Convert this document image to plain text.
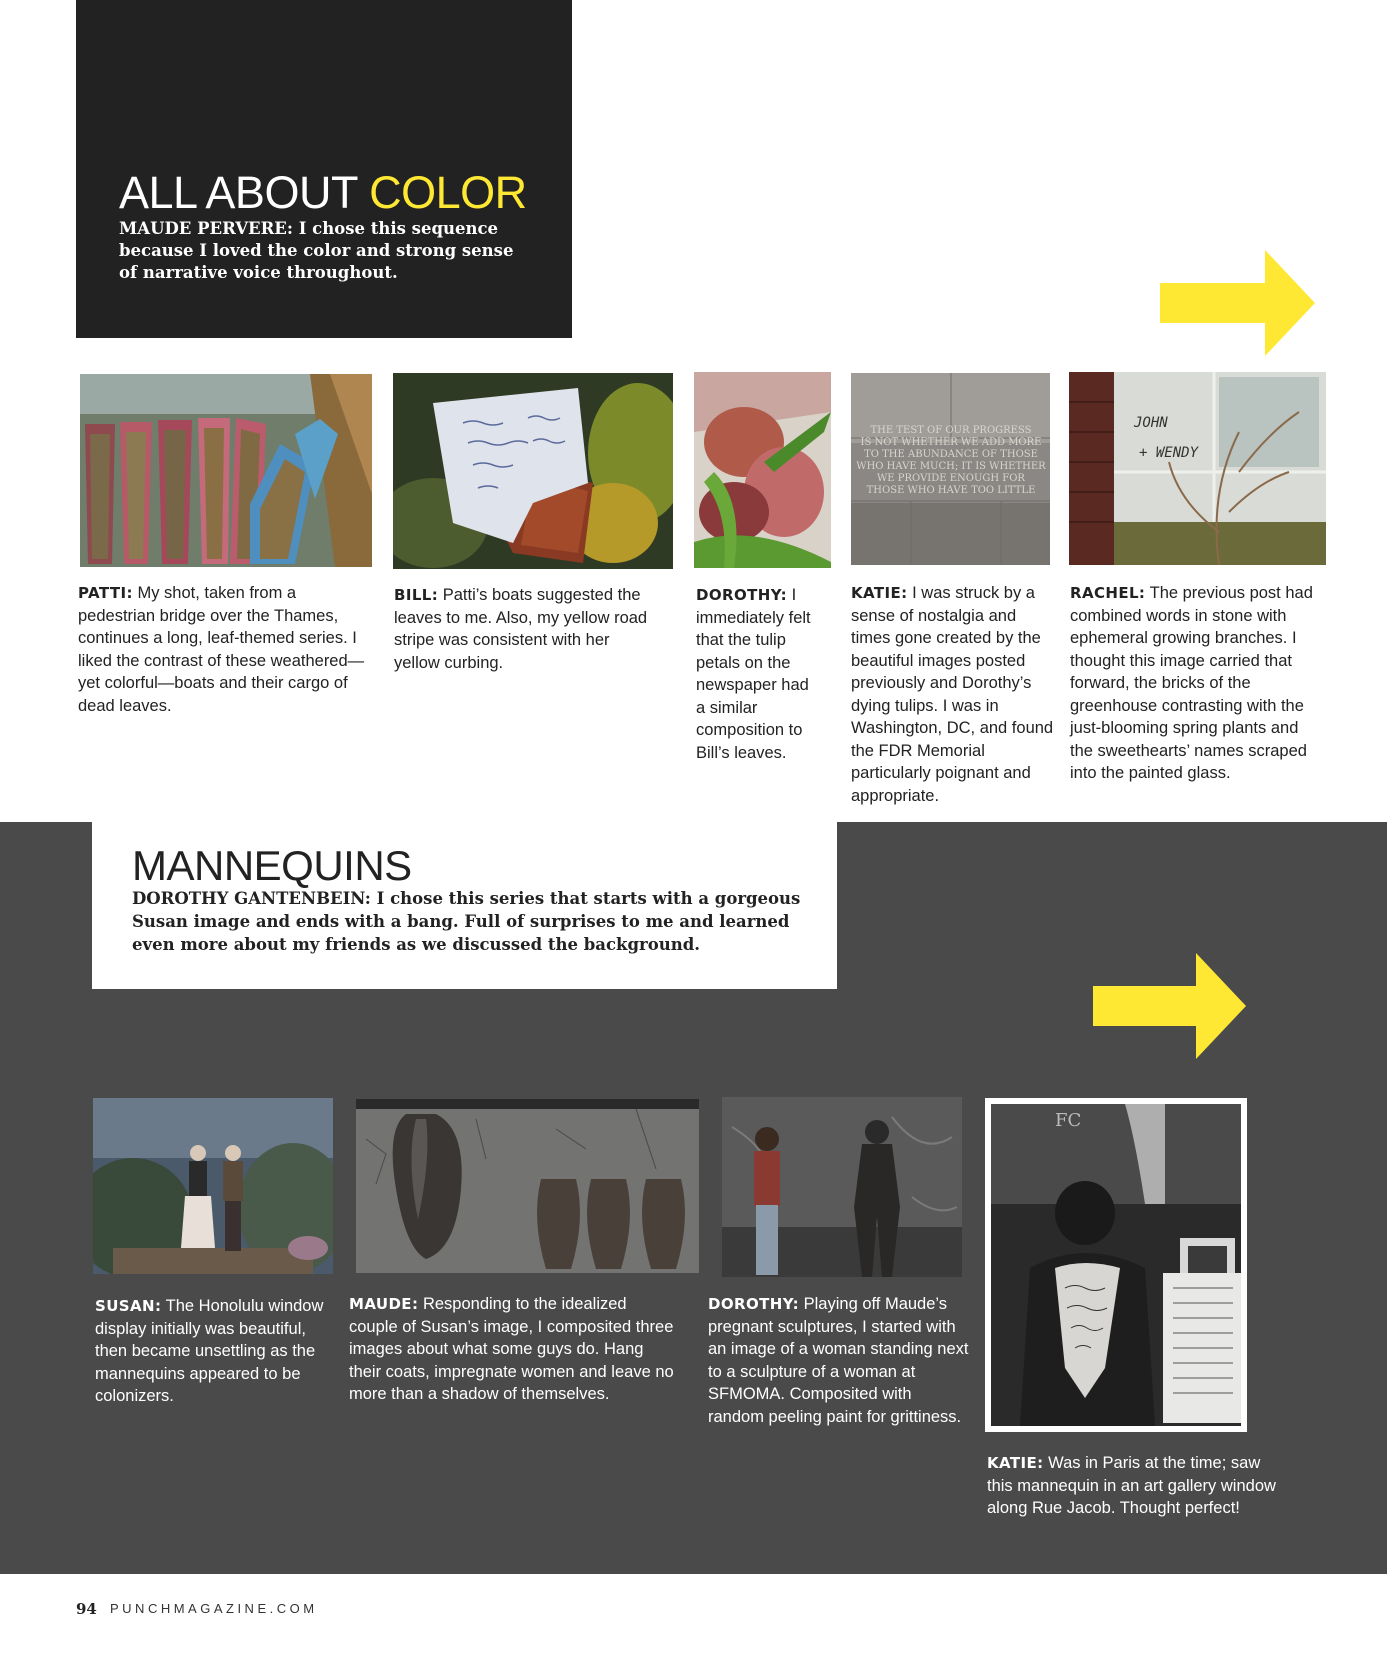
ALL ABOUT COLOR
MAUDE PERVERE: I chose this sequence because I loved the color and strong sense of narrative voice throughout.
THE TEST OF OUR PROGRESS
IS NOT WHETHER WE ADD MORE
TO THE ABUNDANCE OF THOSE
WHO HAVE MUCH; IT IS WHETHER
WE PROVIDE ENOUGH FOR
THOSE WHO HAVE TOO LITTLE
JOHN
+ WENDY
PATTI: My shot, taken from a pedestrian bridge over the Thames, continues a long, leaf-themed series. I liked the contrast of these weathered—yet colorful—boats and their cargo of dead leaves.
BILL: Patti’s boats suggested the leaves to me. Also, my yellow road stripe was consistent with her yellow curbing.
DOROTHY: I immediately felt that the tulip petals on the newspaper had a similar composition to Bill’s leaves.
KATIE: I was struck by a sense of nostalgia and times gone created by the beautiful images posted previously and Dorothy’s dying tulips. I was in Washington, DC, and found the FDR Memorial particularly poignant and appropriate.
RACHEL: The previous post had combined words in stone with ephemeral growing branches. I thought this image carried that forward, the bricks of the greenhouse contrasting with the just-blooming spring plants and the sweethearts’ names scraped into the painted glass.
MANNEQUINS
DOROTHY GANTENBEIN: I chose this series that starts with a gorgeous Susan image and ends with a bang. Full of surprises to me and learned even more about my friends as we discussed the background.
FC
SUSAN: The Honolulu window display initially was beautiful, then became unsettling as the mannequins appeared to be colonizers.
MAUDE: Responding to the idealized couple of Susan’s image, I composited three images about what some guys do. Hang their coats, impregnate women and leave no more than a shadow of themselves.
DOROTHY: Playing off Maude’s pregnant sculptures, I started with an image of a woman standing next to a sculpture of a woman at SFMOMA. Composited with random peeling paint for grittiness.
KATIE: Was in Paris at the time; saw this mannequin in an art gallery window along Rue Jacob. Thought perfect!
94 PUNCHMAGAZINE.COM
